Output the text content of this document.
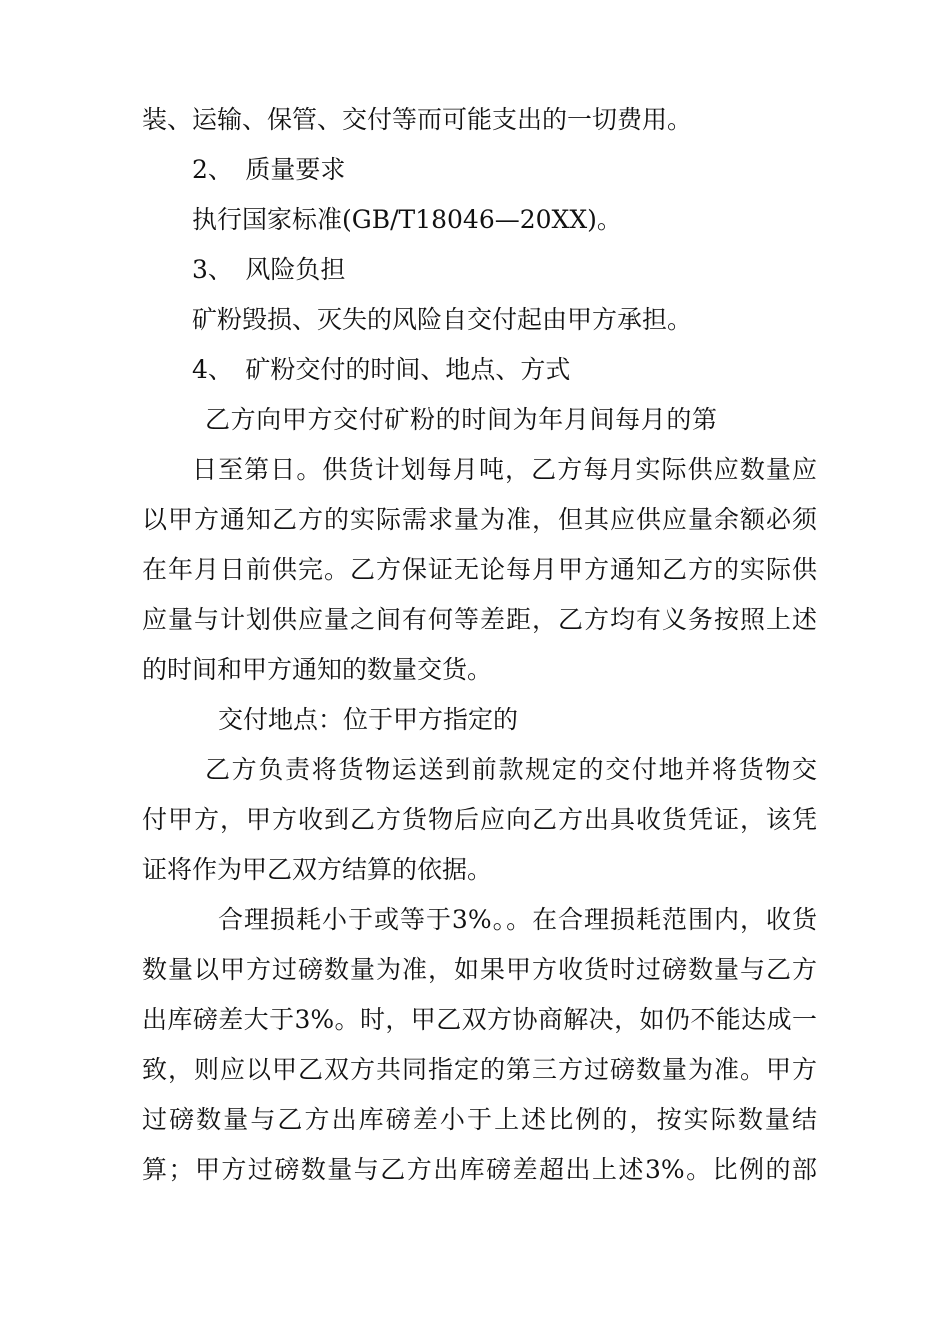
装、运输、保管、交付等而可能支出的一切费用。
2、　质量要求
执行国家标准(GB/T18046—20XX)。
3、　风险负担
矿粉毁损、灭失的风险自交付起由甲方承担。
4、　矿粉交付的时间、地点、方式
乙方向甲方交付矿粉的时间为年月间每月的第
日至第日。供货计划每月吨，乙方每月实际供应数量应
以甲方通知乙方的实际需求量为准，但其应供应量余额必须
在年月日前供完。乙方保证无论每月甲方通知乙方的实际供
应量与计划供应量之间有何等差距，乙方均有义务按照上述
的时间和甲方通知的数量交货。
交付地点：位于甲方指定的
乙方负责将货物运送到前款规定的交付地并将货物交
付甲方，甲方收到乙方货物后应向乙方出具收货凭证，该凭
证将作为甲乙双方结算的依据。
合理损耗小于或等于3%。。在合理损耗范围内，收货
数量以甲方过磅数量为准，如果甲方收货时过磅数量与乙方
出库磅差大于3%。时，甲乙双方协商解决，如仍不能达成一
致，则应以甲乙双方共同指定的第三方过磅数量为准。甲方
过磅数量与乙方出库磅差小于上述比例的，按实际数量结
算；甲方过磅数量与乙方出库磅差超出上述3%。比例的部
